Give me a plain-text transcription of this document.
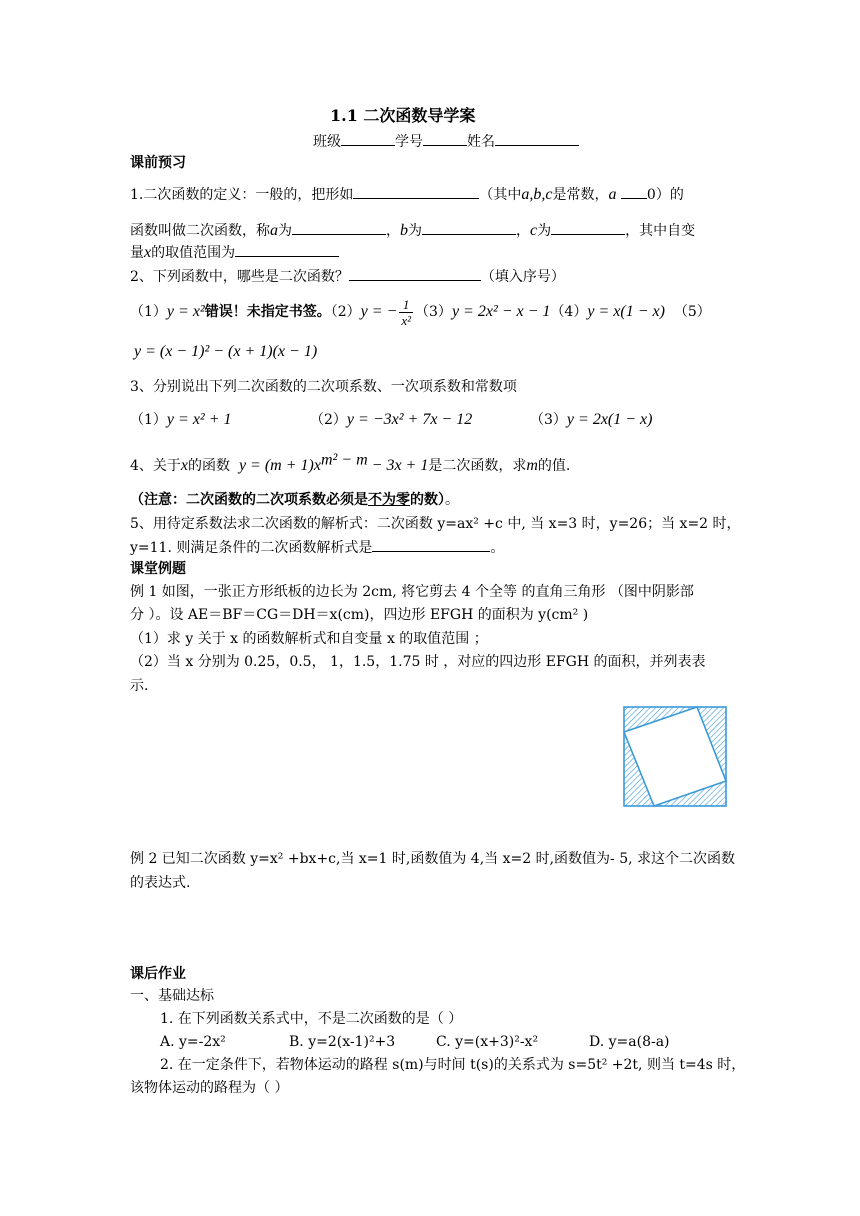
1.1 二次函数导学案
班级	学号	姓名
课前预习
1.二次函数的定义：一般的，把形如	（其中a,b,c是常数，a 0）的
函数叫做二次函数，称a为	，b为	，c为	，其中自变
量x的取值范围为
2、下列函数中，哪些是二次函数？	（填入序号）
（1）y = x²错误！未指定书签。（2）y = − $\frac{1}{\text{x²}} (3)y = 2x^2 - x - 1(4)y = x(1 - x)$ （5）
y = (x − 1)² − (x + 1)(x − 1)
3、分别说出下列二次函数的二次项系数、一次项系数和常数项
（1）y = x² + 1	（2）y = −3x² + 7x − 12	（3）y = 2x(1 − x)
4、关于x的函数 $y = (m + 1)x^{m^2 - m} - 3x + 1$是二次函数，求m的值.
（注意：二次函数的二次项系数必须是不为零的数）。
5、用待定系数法求二次函数的解析式：二次函数 y=ax² +c 中, 当 x=3 时，y=26；当 x=2 时，
y=11. 则满足条件的二次函数解析式是	。
课堂例题
例 1 如图，一张正方形纸板的边长为 2cm, 将它剪去 4 个全等 的直角三角形 （图中阴影部
分 ）。设 AE＝BF＝CG＝DH＝x(cm)，四边形 EFGH 的面积为 y(cm² )
（1）求 y 关于 x 的函数解析式和自变量 x 的取值范围 ；
（2）当 x 分别为 0.25，0.5， 1，1.5，1.75 时 ，对应的四边形 EFGH 的面积，并列表表
示.
例 2 已知二次函数 y=x² +bx+c,当 x=1 时,函数值为 4,当 x=2 时,函数值为- 5, 求这个二次函数
的表达式.
课后作业
一、基础达标
1. 在下列函数关系式中，不是二次函数的是（ ）
A. y=-2x²	B. y=2(x-1)²+3	C. y=(x+3)²-x²	D. y=a(8-a)
2. 在一定条件下，若物体运动的路程 s(m)与时间 t(s)的关系式为 s=5t² +2t, 则当 t=4s 时，
该物体运动的路程为（ ）
